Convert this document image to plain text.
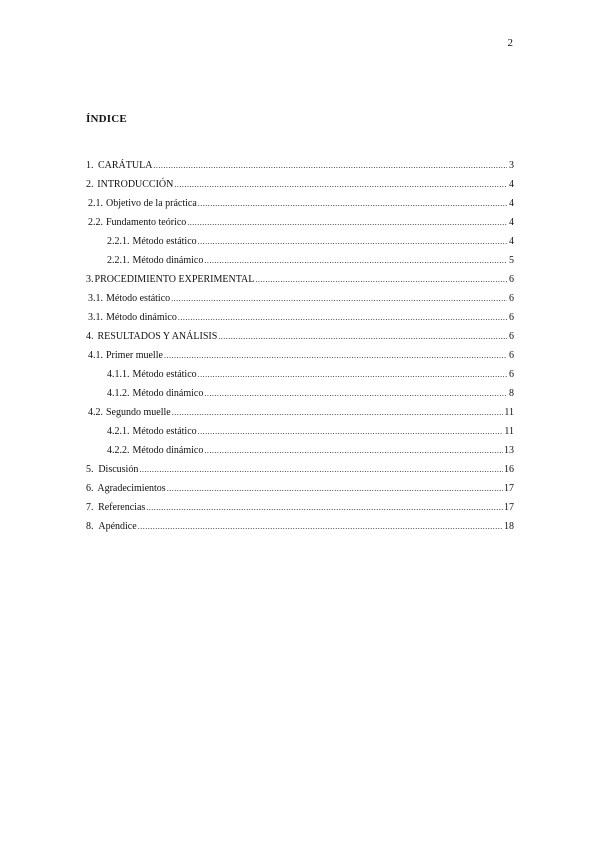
2
ÍNDICE
1. CARÁTULA .....	3
2. INTRODUCCIÓN .....	4
2.1. Objetivo de la práctica .....	4
2.2. Fundamento teórico .....	4
2.2.1. Método estático .....	4
2.2.1. Método dinámico .....	5
3. PROCEDIMIENTO EXPERIMENTAL .....	6
3.1. Método estático .....	6
3.1. Método dinámico .....	6
4. RESULTADOS Y ANÁLISIS .....	6
4.1. Primer muelle .....	6
4.1.1. Método estático .....	6
4.1.2. Método dinámico .....	8
4.2. Segundo muelle .....	11
4.2.1. Método estático .....	11
4.2.2. Método dinámico .....	13
5. Discusión .....	16
6. Agradecimientos .....	17
7. Referencias .....	17
8. Apéndice .....	18
